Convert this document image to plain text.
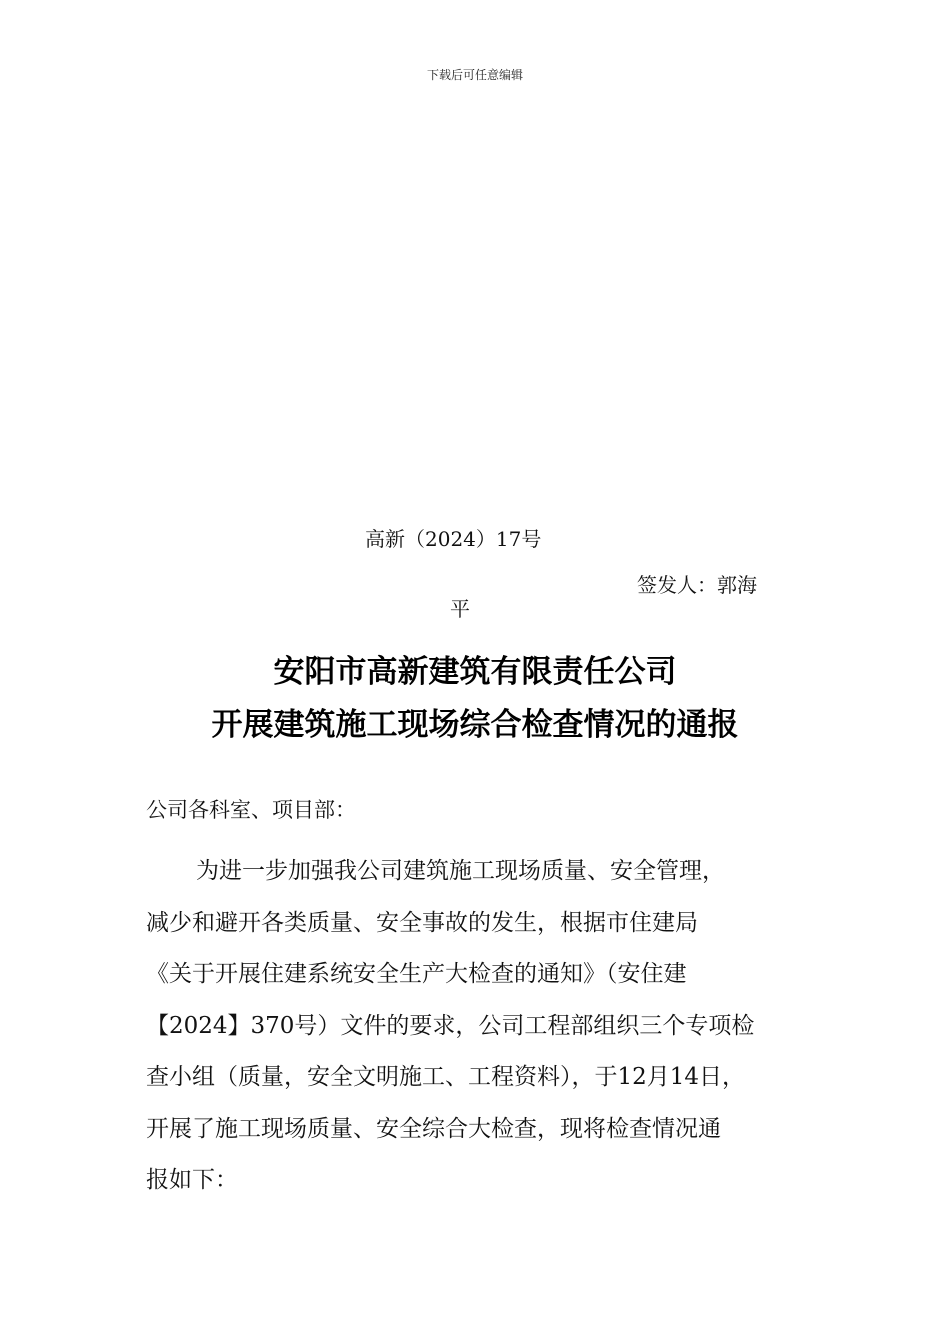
下载后可任意编辑
高新（2024）17号
签发人：郭海
平
安阳市高新建筑有限责任公司
开展建筑施工现场综合检查情况的通报
公司各科室、项目部：
为进一步加强我公司建筑施工现场质量、安全管理，
减少和避开各类质量、安全事故的发生，根据市住建局
《关于开展住建系统安全生产大检查的通知》（安住建
【2024】370号）文件的要求，公司工程部组织三个专项检
查小组（质量，安全文明施工、工程资料），于12月14日，
开展了施工现场质量、安全综合大检查，现将检查情况通
报如下：
